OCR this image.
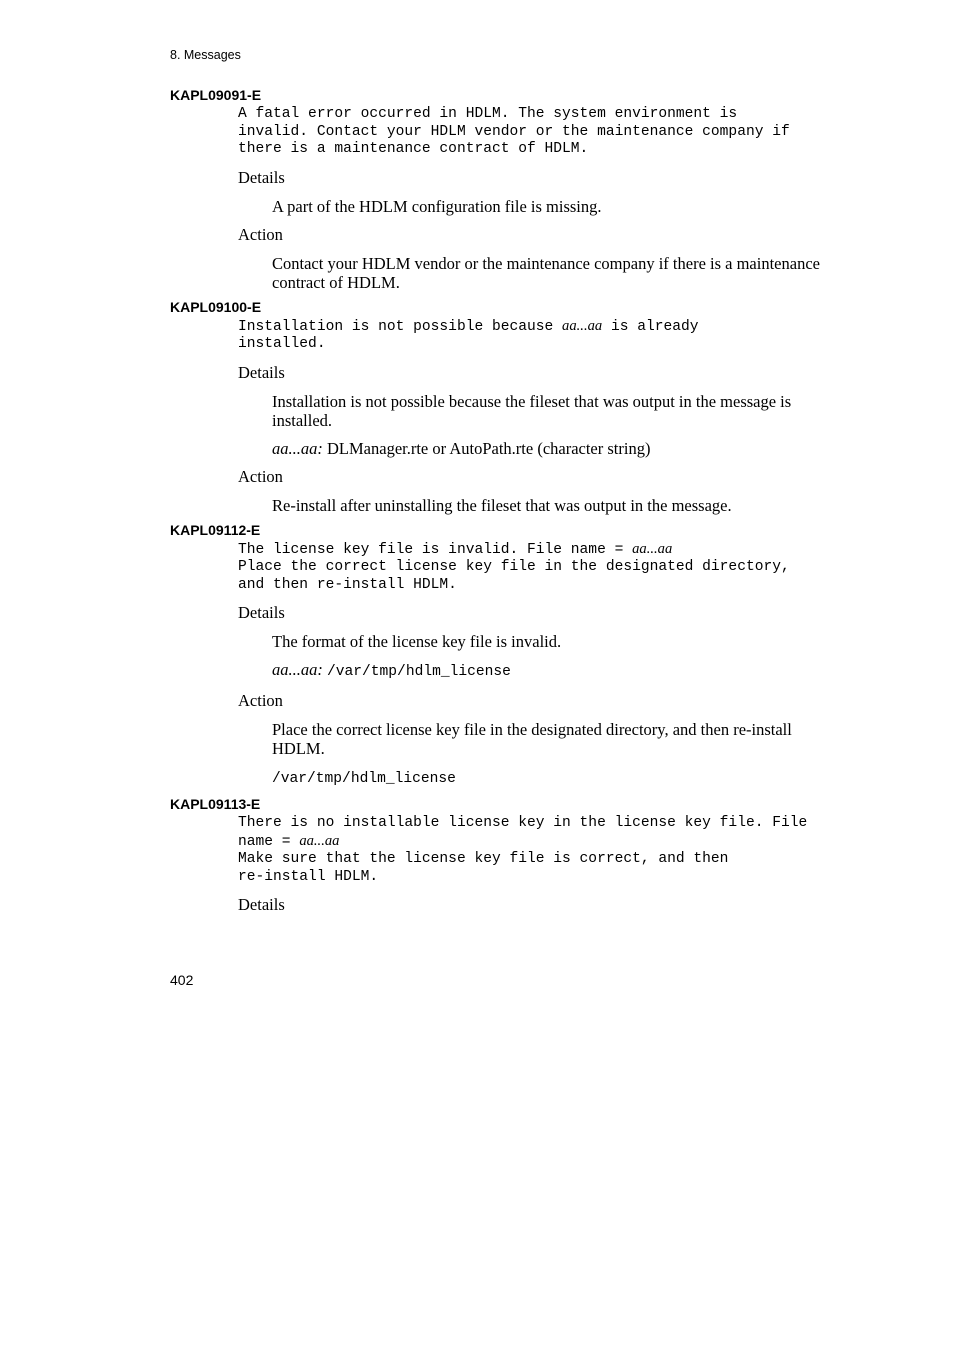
8. Messages

KAPL09091-E

A fatal error occurred in HDLM. The system environment is
invalid. Contact your HDLM vendor or the maintenance company if
there is a maintenance contract of HDLM.
Details
A part of the HDLM configuration file is missing.
Action
Contact your HDLM vendor or the maintenance company if there is a maintenance contract of HDLM.

KAPL09100-E

Installation is not possible because aa...aa is already
installed.
Details
Installation is not possible because the fileset that was output in the message is installed.
aa...aa: DLManager.rte or AutoPath.rte (character string)
Action
Re-install after uninstalling the fileset that was output in the message.

KAPL09112-E

The license key file is invalid. File name = aa...aa
Place the correct license key file in the designated directory,
and then re-install HDLM.
Details
The format of the license key file is invalid.
aa...aa: /var/tmp/hdlm_license
Action
Place the correct license key file in the designated directory, and then re-install HDLM.
/var/tmp/hdlm_license

KAPL09113-E

There is no installable license key in the license key file. File
name = aa...aa
Make sure that the license key file is correct, and then
re-install HDLM.
Details
402
